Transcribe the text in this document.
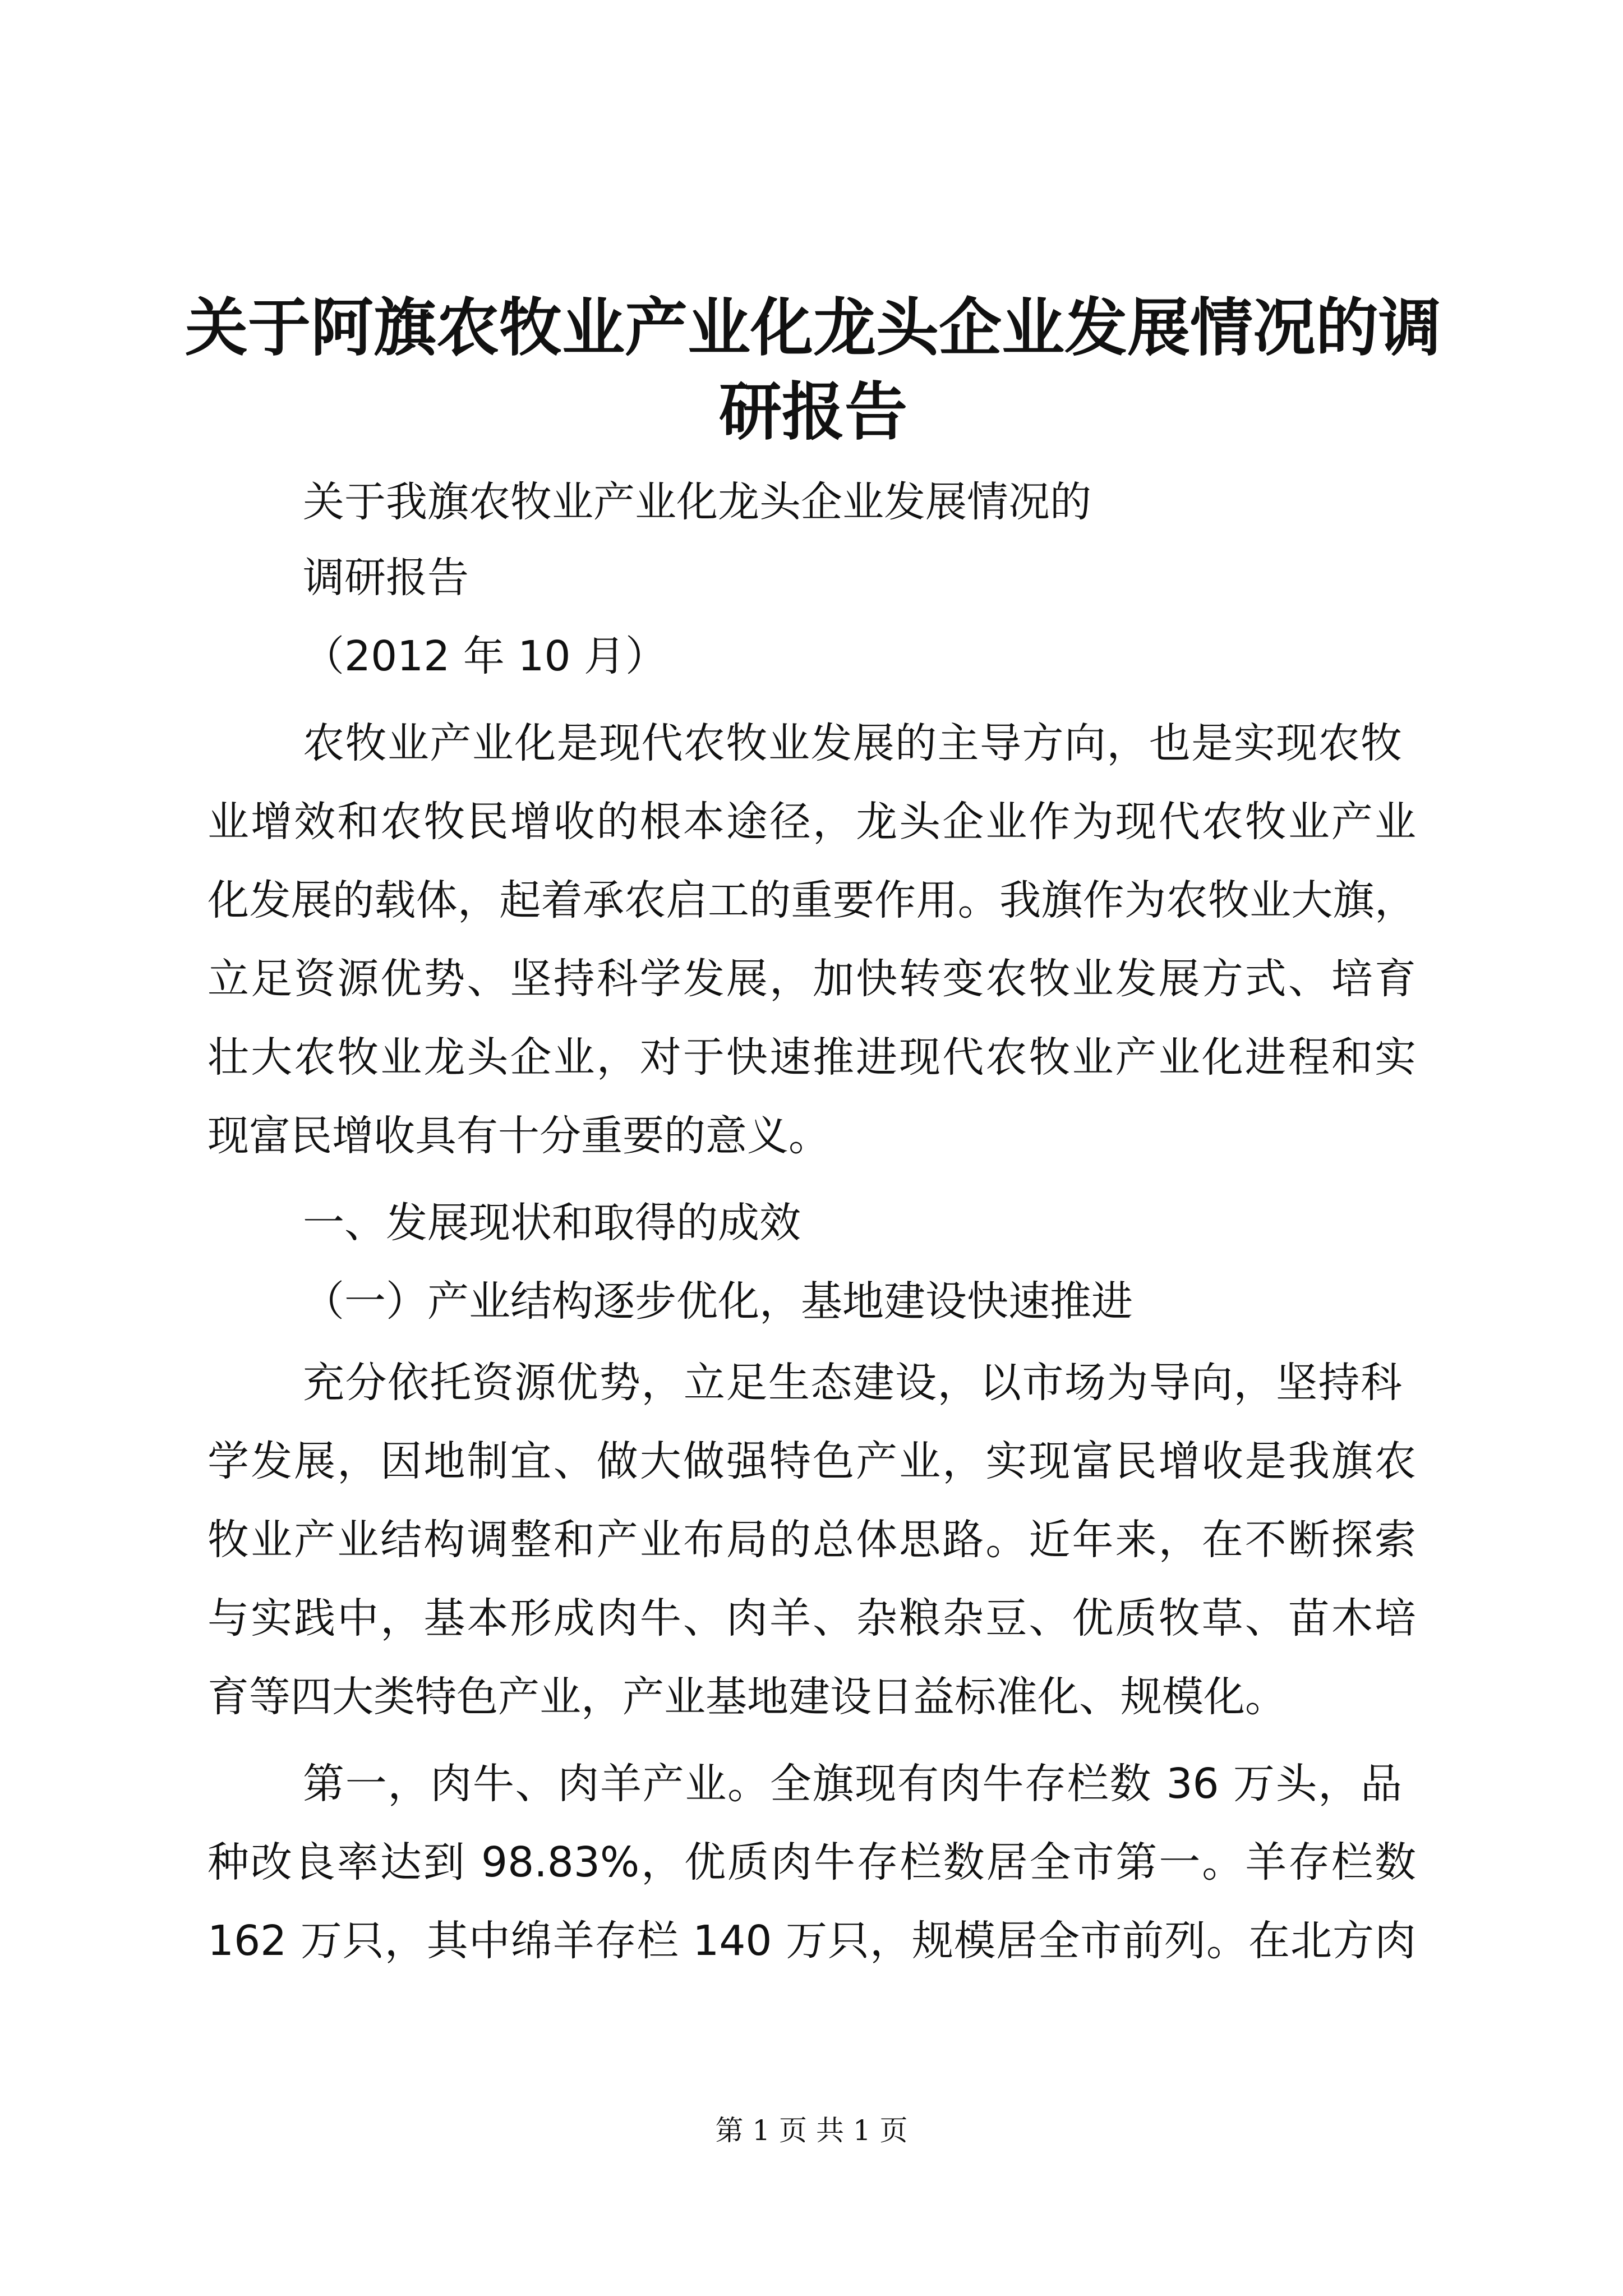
关于阿旗农牧业产业化龙头企业发展情况的调
研报告
关于我旗农牧业产业化龙头企业发展情况的
调研报告
（2012 年 10 月）
农牧业产业化是现代农牧业发展的主导方向，也是实现农牧
业增效和农牧民增收的根本途径，龙头企业作为现代农牧业产业
化发展的载体，起着承农启工的重要作用。我旗作为农牧业大旗，
立足资源优势、坚持科学发展，加快转变农牧业发展方式、培育
壮大农牧业龙头企业，对于快速推进现代农牧业产业化进程和实
现富民增收具有十分重要的意义。
一、发展现状和取得的成效
（一）产业结构逐步优化，基地建设快速推进
充分依托资源优势，立足生态建设，以市场为导向，坚持科
学发展，因地制宜、做大做强特色产业，实现富民增收是我旗农
牧业产业结构调整和产业布局的总体思路。近年来，在不断探索
与实践中，基本形成肉牛、肉羊、杂粮杂豆、优质牧草、苗木培
育等四大类特色产业，产业基地建设日益标准化、规模化。
第一，肉牛、肉羊产业。全旗现有肉牛存栏数 36 万头，品
种改良率达到 98.83%，优质肉牛存栏数居全市第一。羊存栏数
162 万只，其中绵羊存栏 140 万只，规模居全市前列。在北方肉
第 1 页 共 1 页
